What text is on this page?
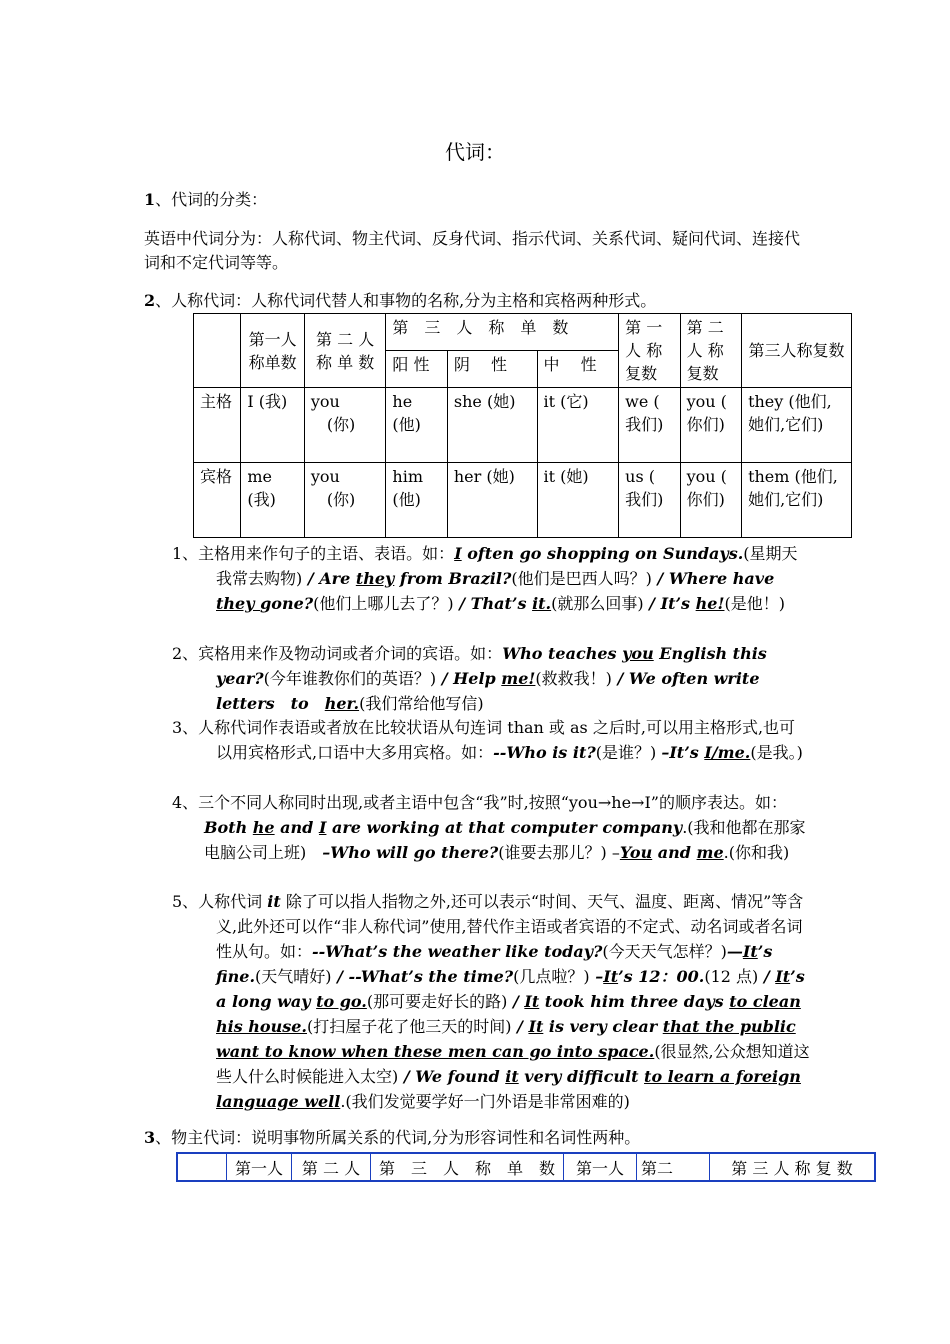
代词：
1、代词的分类：
英语中代词分为：人称代词、物主代词、反身代词、指示代词、关系代词、疑问代词、连接代词和不定代词等等。
2、人称代词：人称代词代替人和事物的名称,分为主格和宾格两种形式。
	第一人称单数	第 二 人称 单 数	第　三　人　称　单　数			第 一人 称复数	第 二人 称复数	第三人称复数
			阳 性	阴　 性	中　 性			
主格	I (我)	you 　(你)	he (他)	she (她)	it (它)	we (　我们)	you (　你们)	they (他们,她们,它们)
宾格	me (我)	you 　(你)	him (他)	her (她)	it (她)	us (　我们)	you (　你们)	them (他们,她们,它们)
1、主格用来作句子的主语、表语。如：I often go shopping on Sundays.(星期天我常去购物) / Are they from Brazil?(他们是巴西人吗？) / Where have they gone?(他们上哪儿去了？) / That’s it.(就那么回事) / It’s he!(是他！)
2、宾格用来作及物动词或者介词的宾语。如：Who teaches you English this year?(今年谁教你们的英语？) / Help me!(救救我！) / We often write letters　to　her.(我们常给他写信)
3、人称代词作表语或者放在比较状语从句连词 than 或 as 之后时,可以用主格形式,也可以用宾格形式,口语中大多用宾格。如：--Who is it?(是谁？) –It’s I/me.(是我。)
4、三个不同人称同时出现,或者主语中包含“我”时,按照“you→he→I”的顺序表达。如：
Both he and I are working at that computer company.(我和他都在那家电脑公司上班)　–Who will go there?(谁要去那儿？) –You and me.(你和我)
5、人称代词 it 除了可以指人指物之外,还可以表示“时间、天气、温度、距离、情况”等含义,此外还可以作“非人称代词”使用,替代作主语或者宾语的不定式、动名词或者名词性从句。如：--What’s the weather like today?(今天天气怎样？)—It’s fine.(天气晴好) / --What’s the time?(几点啦？) –It’s 12：00.(12 点) / It’s a long way to go.(那可要走好长的路) / It took him three days to clean his house.(打扫屋子花了他三天的时间) / It is very clear that the public want to know when these men can go into space.(很显然,公众想知道这些人什么时候能进入太空) / We found it very difficult to learn a foreign language well.(我们发觉要学好一门外语是非常困难的)
3、物主代词：说明事物所属关系的代词,分为形容词性和名词性两种。
	第一人	第 二 人	第　三　人　称　单　数	第一人	第二	第 三 人 称 复 数
